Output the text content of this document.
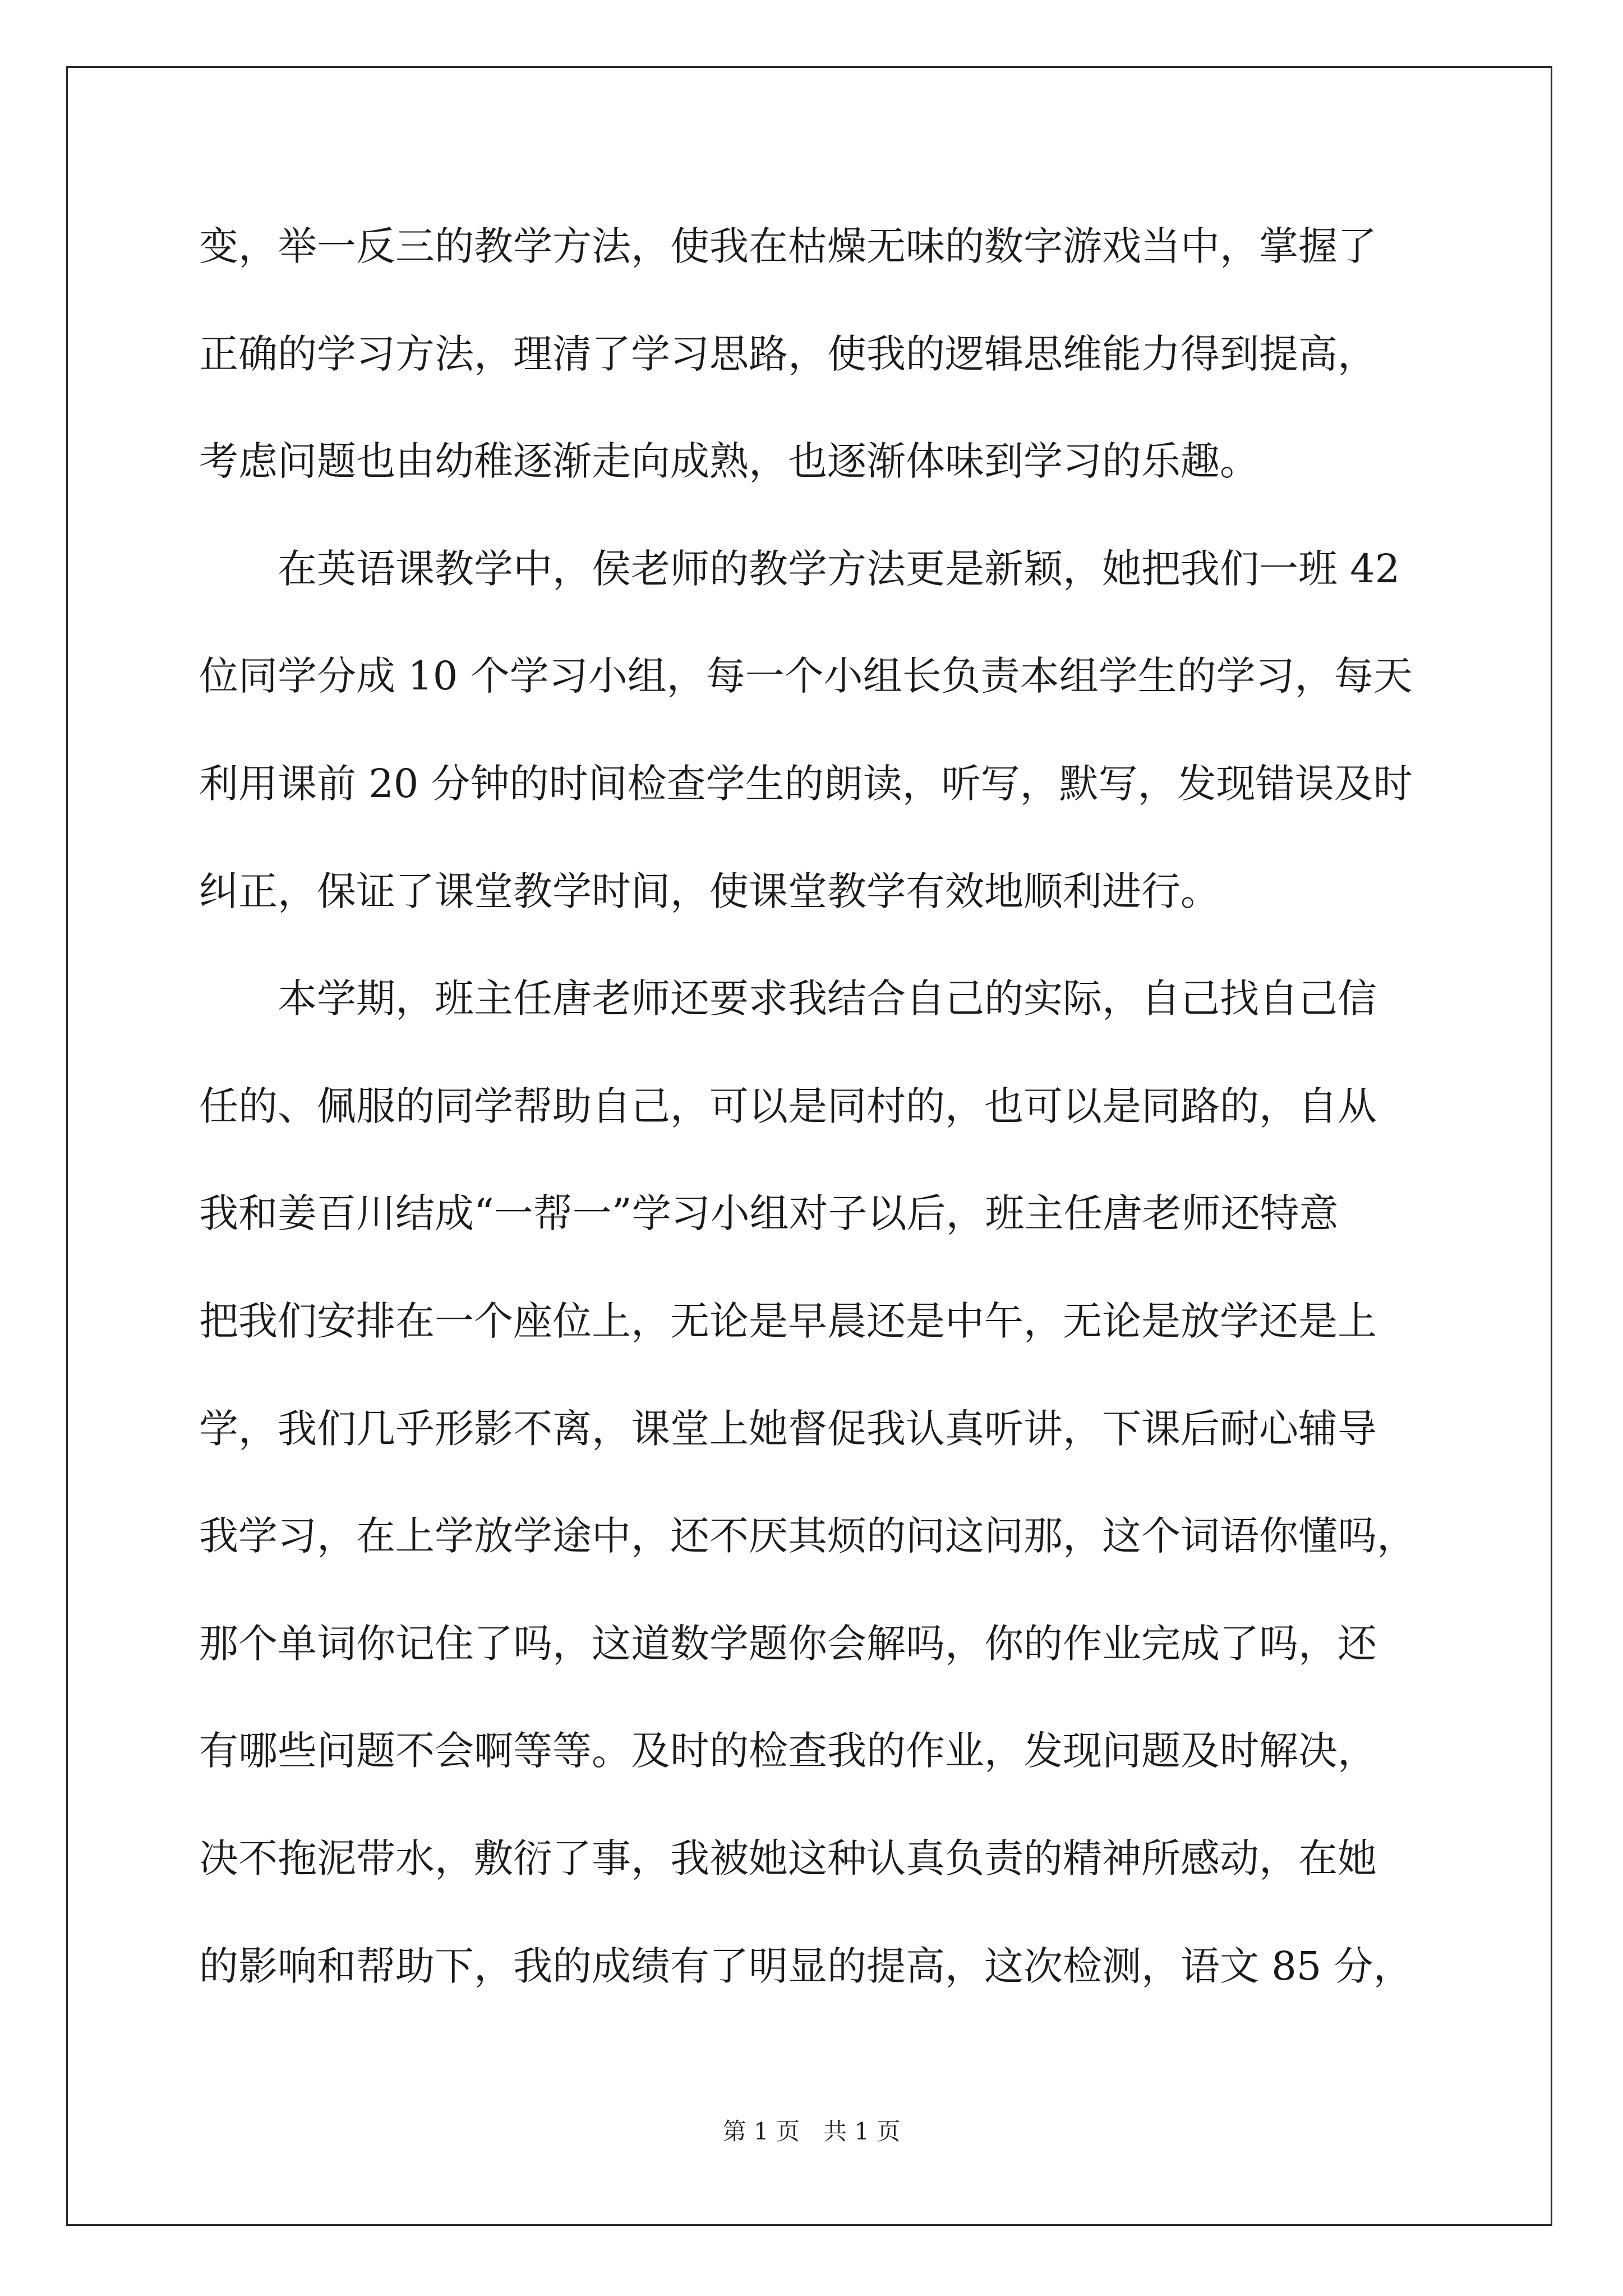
变，举一反三的教学方法，使我在枯燥无味的数字游戏当中，掌握了
正确的学习方法，理清了学习思路，使我的逻辑思维能力得到提高，
考虑问题也由幼稚逐渐走向成熟，也逐渐体味到学习的乐趣。
　　在英语课教学中，侯老师的教学方法更是新颖，她把我们一班 42
位同学分成 10 个学习小组，每一个小组长负责本组学生的学习，每天
利用课前 20 分钟的时间检查学生的朗读，听写，默写，发现错误及时
纠正，保证了课堂教学时间，使课堂教学有效地顺利进行。
　　本学期，班主任唐老师还要求我结合自己的实际，自己找自己信
任的、佩服的同学帮助自己，可以是同村的，也可以是同路的，自从
我和姜百川结成“一帮一”学习小组对子以后，班主任唐老师还特意
把我们安排在一个座位上，无论是早晨还是中午，无论是放学还是上
学，我们几乎形影不离，课堂上她督促我认真听讲，下课后耐心辅导
我学习，在上学放学途中，还不厌其烦的问这问那，这个词语你懂吗，
那个单词你记住了吗，这道数学题你会解吗，你的作业完成了吗，还
有哪些问题不会啊等等。及时的检查我的作业，发现问题及时解决，
决不拖泥带水，敷衍了事，我被她这种认真负责的精神所感动，在她
的影响和帮助下，我的成绩有了明显的提高，这次检测，语文 85 分，
第 1 页　共 1 页
